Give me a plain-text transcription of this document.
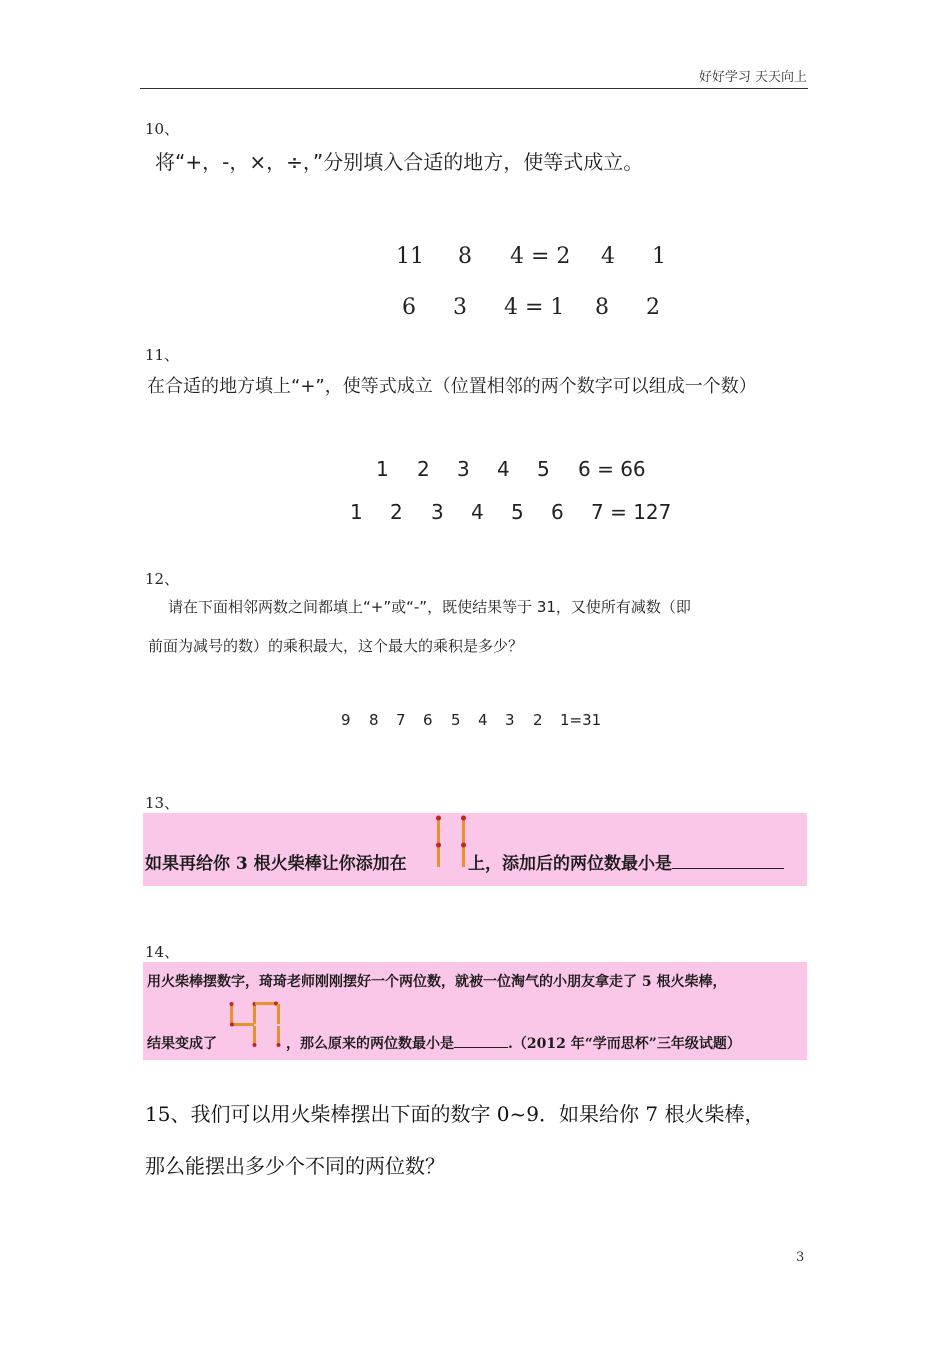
好好学习 天天向上
10、
将“+，-，×，÷，”分别填入合适的地方，使等式成立。
11 8 4 = 2 4 1
6 3 4 = 1 8 2
11、
在合适的地方填上“+”，使等式成立（位置相邻的两个数字可以组成一个数）
1 2 3 4 5 6 = 66
1 2 3 4 5 6 7 = 127
12、
请在下面相邻两数之间都填上“+”或“-”，既使结果等于 31，又使所有减数（即
前面为减号的数）的乘积最大，这个最大的乘积是多少？
9 8 7 6 5 4 3 2 1=31
13、
如果再给你 3 根火柴棒让你添加在	上，添加后的两位数最小是
14、
用火柴棒摆数字，琦琦老师刚刚摆好一个两位数，就被一位淘气的小朋友拿走了 5 根火柴棒，
结果变成了	，那么原来的两位数最小是	.（2012 年“学而思杯”三年级试题）
15、我们可以用火柴棒摆出下面的数字 0~9．如果给你 7 根火柴棒，
那么能摆出多少个不同的两位数？
3
